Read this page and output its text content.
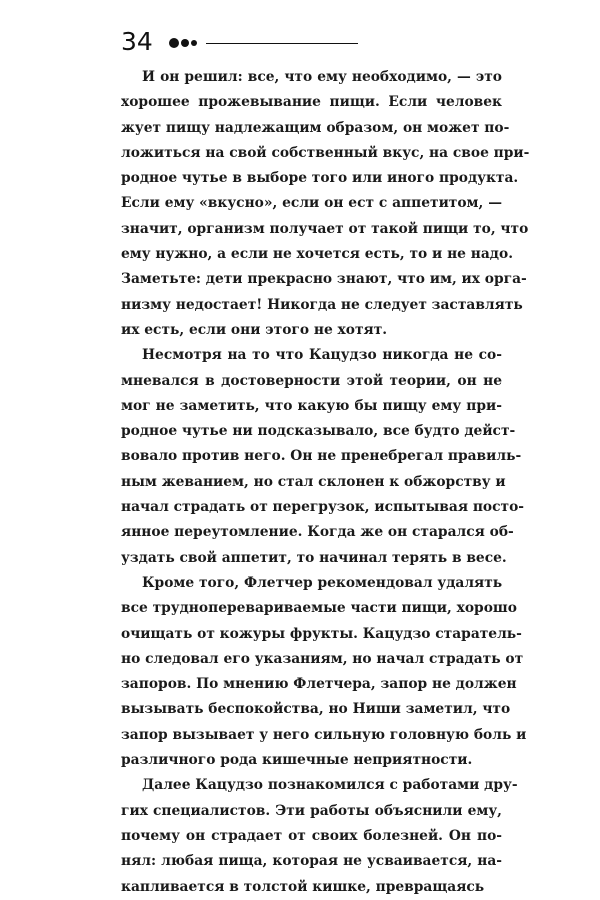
34
И он решил: все, что ему необходимо, — это
хорошее прожевывание пищи. Если человек
жует пищу надлежащим образом, он может по-
ложиться на свой собственный вкус, на свое при-
родное чутье в выборе того или иного продукта.
Если ему «вкусно», если он ест с аппетитом, —
значит, организм получает от такой пищи то, что
ему нужно, а если не хочется есть, то и не надо.
Заметьте: дети прекрасно знают, что им, их орга-
низму недостает! Никогда не следует заставлять
их есть, если они этого не хотят.
Несмотря на то что Кацудзо никогда не со-
мневался в достоверности этой теории, он не
мог не заметить, что какую бы пищу ему при-
родное чутье ни подсказывало, все будто дейст-
вовало против него. Он не пренебрегал правиль-
ным жеванием, но стал склонен к обжорству и
начал страдать от перегрузок, испытывая посто-
янное переутомление. Когда же он старался об-
уздать свой аппетит, то начинал терять в весе.
Кроме того, Флетчер рекомендовал удалять
все трудноперевариваемые части пищи, хорошо
очищать от кожуры фрукты. Кацудзо старатель-
но следовал его указаниям, но начал страдать от
запоров. По мнению Флетчера, запор не должен
вызывать беспокойства, но Ниши заметил, что
запор вызывает у него сильную головную боль и
различного рода кишечные неприятности.
Далее Кацудзо познакомился с работами дру-
гих специалистов. Эти работы объяснили ему,
почему он страдает от своих болезней. Он по-
нял: любая пища, которая не усваивается, на-
капливается в толстой кишке, превращаясь
